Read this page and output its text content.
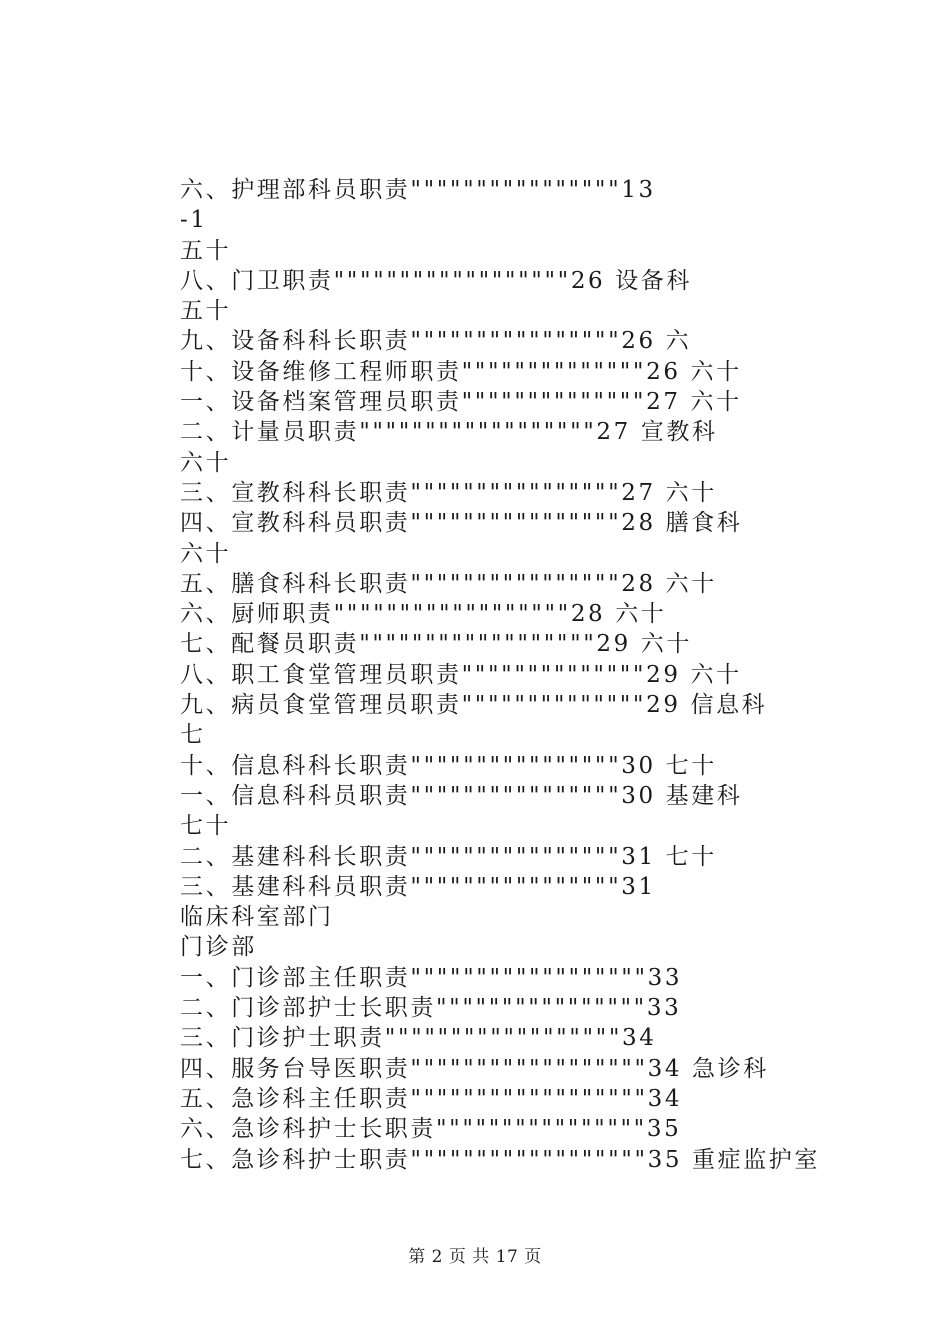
六、护理部科员职责""""""""""""""""13
-1
五十
八、门卫职责""""""""""""""""""26 设备科
五十
九、设备科科长职责""""""""""""""""26 六
十、设备维修工程师职责""""""""""""""26 六十
一、设备档案管理员职责""""""""""""""27 六十
二、计量员职责""""""""""""""""""27 宣教科
六十
三、宣教科科长职责""""""""""""""""27 六十
四、宣教科科员职责""""""""""""""""28 膳食科
六十
五、膳食科科长职责""""""""""""""""28 六十
六、厨师职责""""""""""""""""""28 六十
七、配餐员职责""""""""""""""""""29 六十
八、职工食堂管理员职责""""""""""""""29 六十
九、病员食堂管理员职责""""""""""""""29 信息科
七
十、信息科科长职责""""""""""""""""30 七十
一、信息科科员职责""""""""""""""""30 基建科
七十
二、基建科科长职责""""""""""""""""31 七十
三、基建科科员职责""""""""""""""""31
临床科室部门
门诊部
一、门诊部主任职责""""""""""""""""""33
二、门诊部护士长职责""""""""""""""""33
三、门诊护士职责""""""""""""""""""34
四、服务台导医职责""""""""""""""""""34 急诊科
五、急诊科主任职责""""""""""""""""""34
六、急诊科护士长职责""""""""""""""""35
七、急诊科护士职责""""""""""""""""""35 重症监护室
第 2 页 共 17 页
